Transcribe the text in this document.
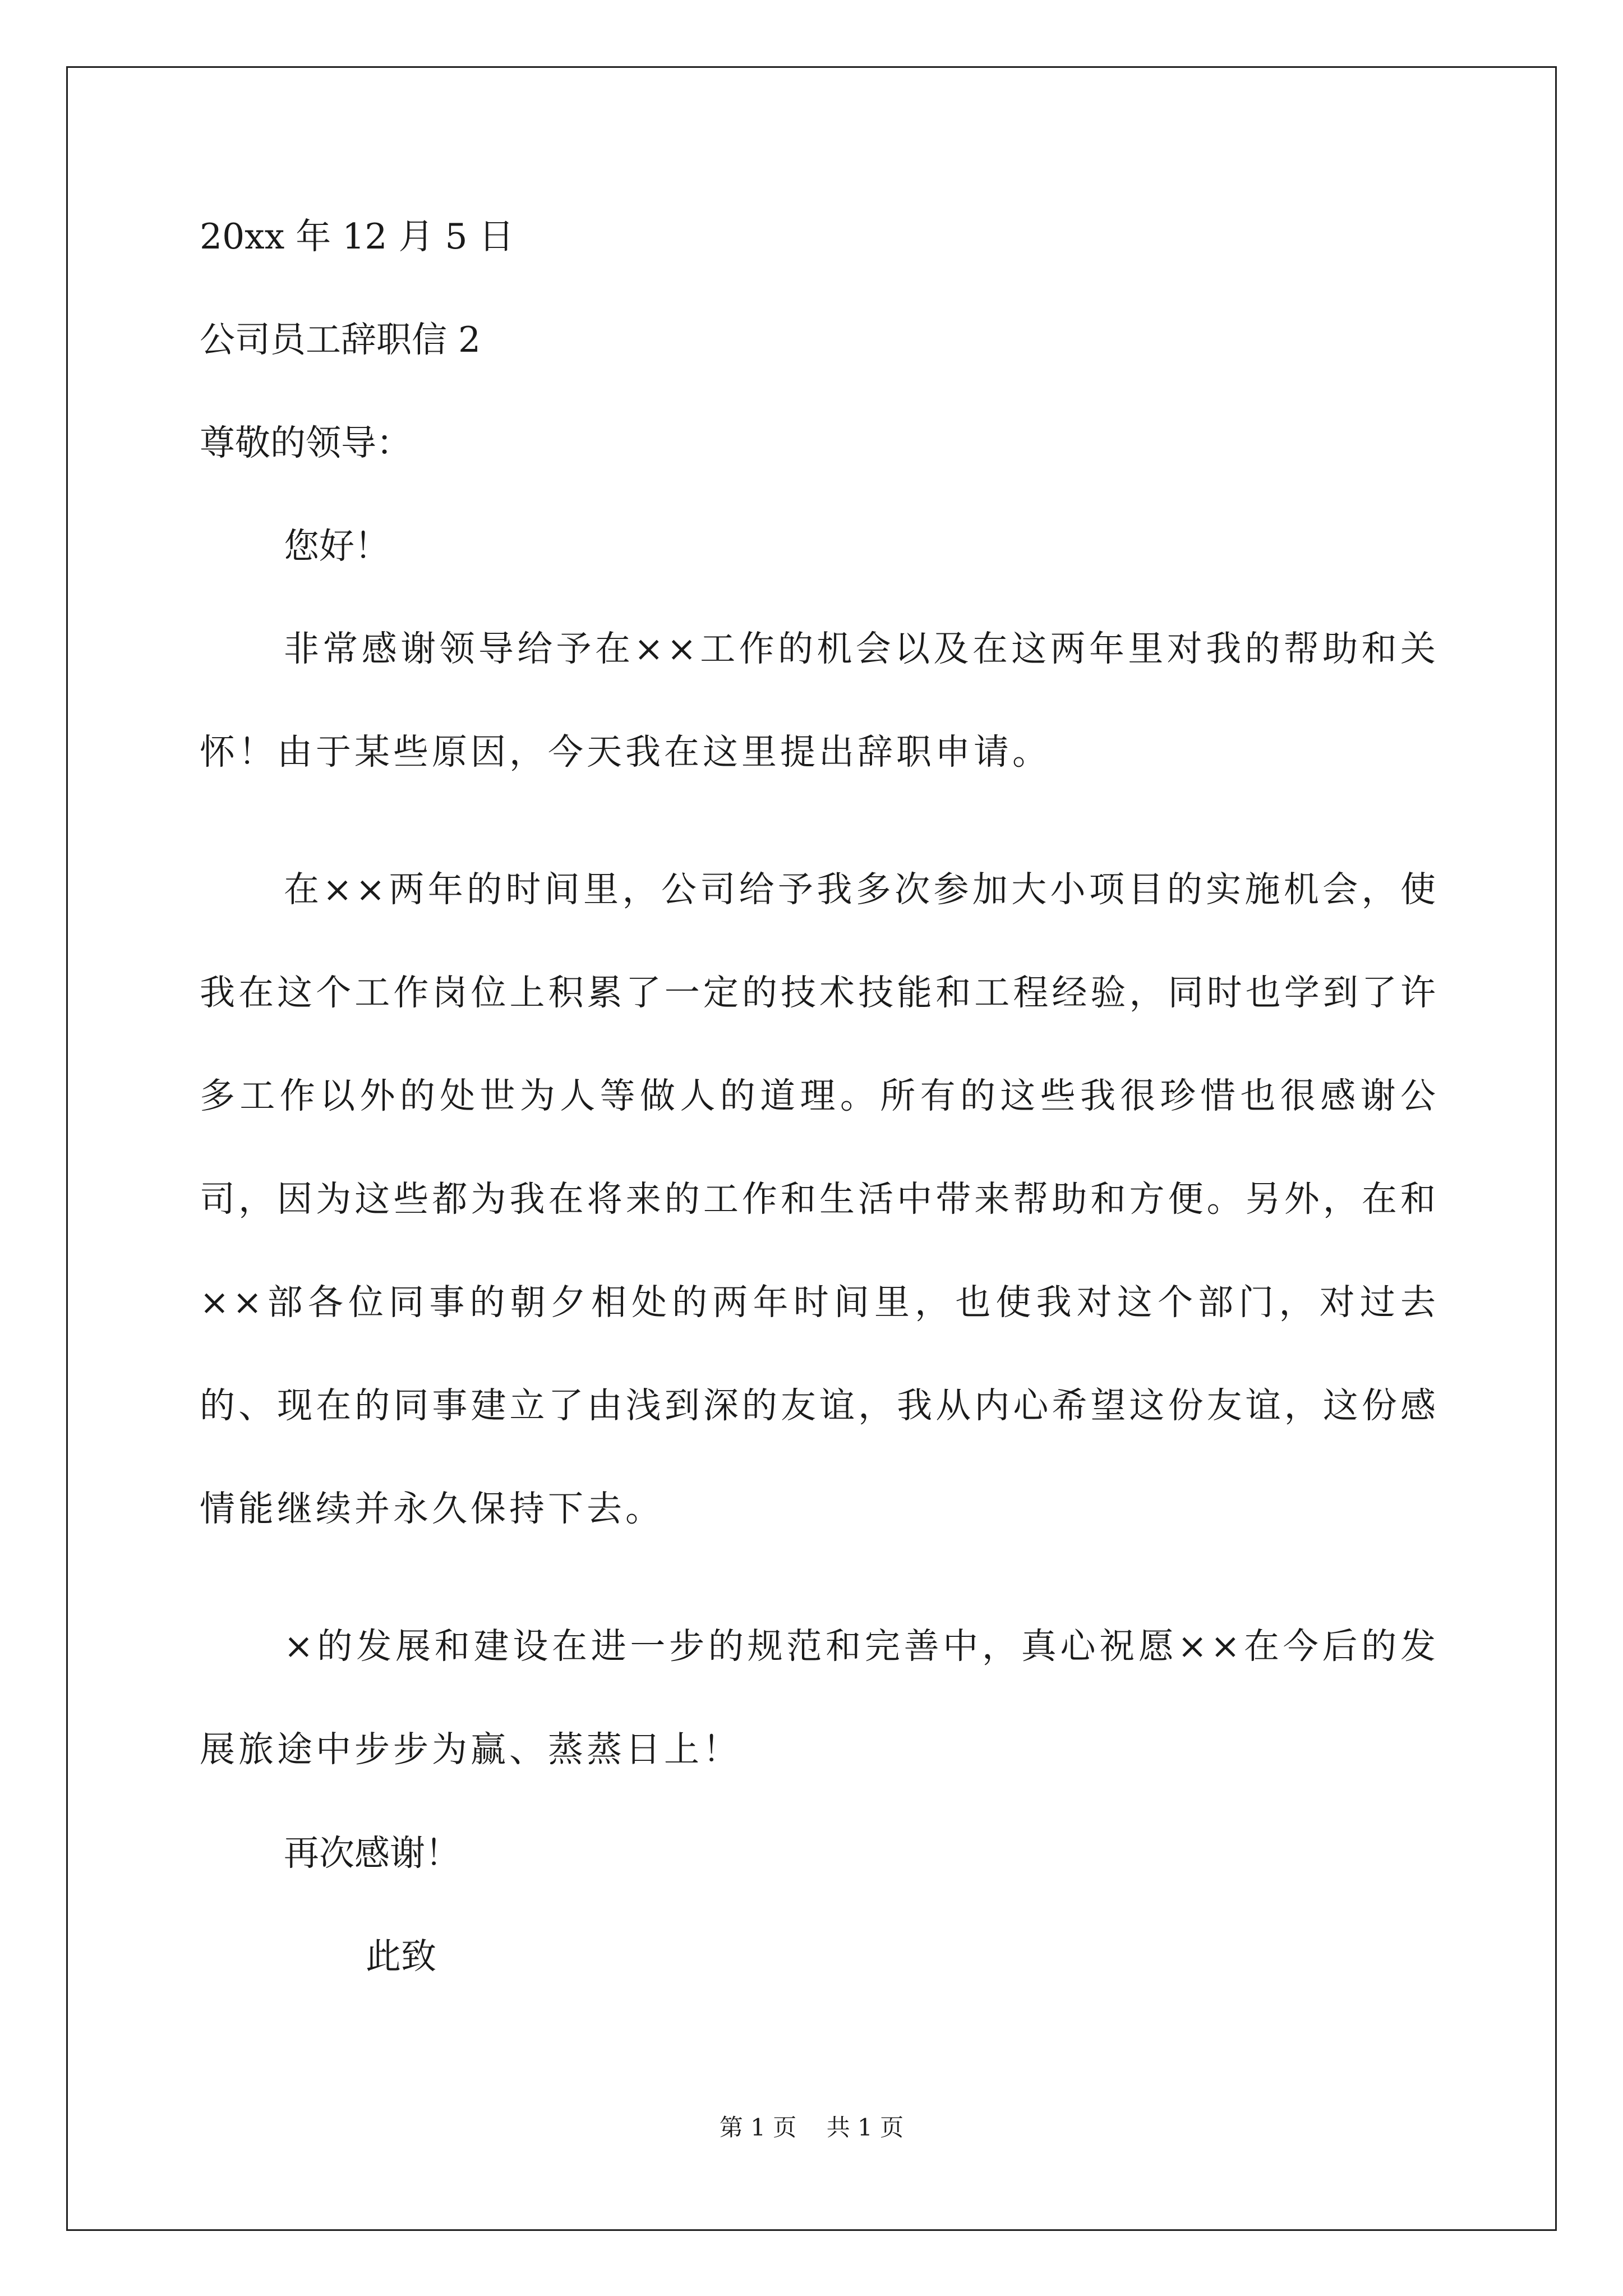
20xx 年 12 月 5 日

公司员工辞职信 2

尊敬的领导：

您好！

非常感谢领导给予在××工作的机会以及在这两年里对我的帮助和关怀！由于某些原因，今天我在这里提出辞职申请。

在××两年的时间里，公司给予我多次参加大小项目的实施机会，使我在这个工作岗位上积累了一定的技术技能和工程经验，同时也学到了许多工作以外的处世为人等做人的道理。所有的这些我很珍惜也很感谢公司，因为这些都为我在将来的工作和生活中带来帮助和方便。另外，在和××部各位同事的朝夕相处的两年时间里，也使我对这个部门，对过去的、现在的同事建立了由浅到深的友谊，我从内心希望这份友谊，这份感情能继续并永久保持下去。

×的发展和建设在进一步的规范和完善中，真心祝愿××在今后的发展旅途中步步为赢、蒸蒸日上！

再次感谢！

此致

第 1 页    共 1 页
